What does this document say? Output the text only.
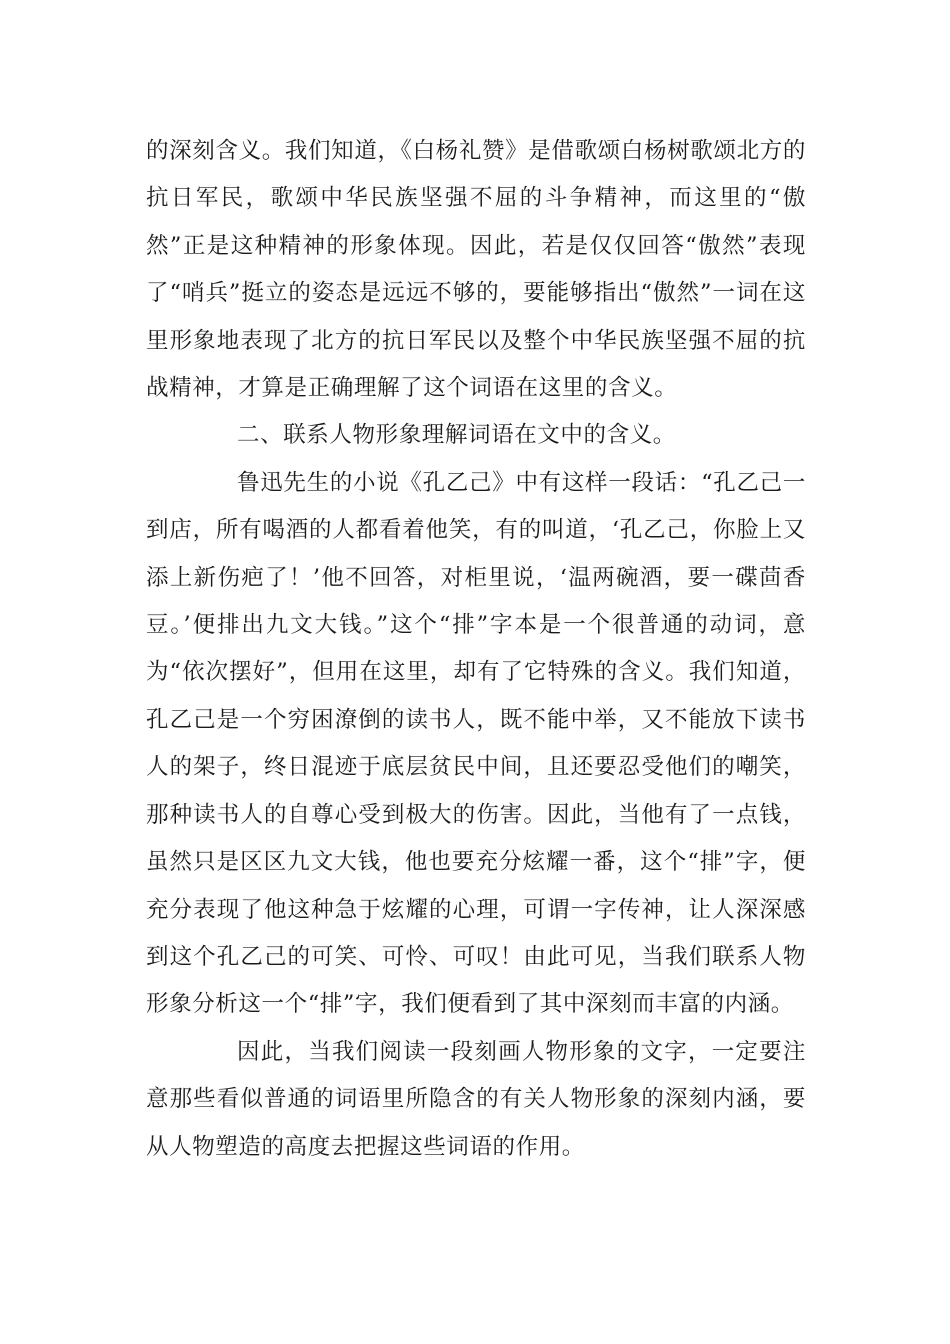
的深刻含义。我们知道，《白杨礼赞》是借歌颂白杨树歌颂北方的抗日军民，歌颂中华民族坚强不屈的斗争精神，而这里的“傲然”正是这种精神的形象体现。因此，若是仅仅回答“傲然”表现了“哨兵”挺立的姿态是远远不够的，要能够指出“傲然”一词在这里形象地表现了北方的抗日军民以及整个中华民族坚强不屈的抗战精神，才算是正确理解了这个词语在这里的含义。

二、联系人物形象理解词语在文中的含义。

鲁迅先生的小说《孔乙己》中有这样一段话：“孔乙己一到店，所有喝酒的人都看着他笑，有的叫道，‘孔乙己，你脸上又添上新伤疤了！’他不回答，对柜里说，‘温两碗酒，要一碟茴香豆。’便排出九文大钱。”这个“排”字本是一个很普通的动词，意为“依次摆好”，但用在这里，却有了它特殊的含义。我们知道，孔乙己是一个穷困潦倒的读书人，既不能中举，又不能放下读书人的架子，终日混迹于底层贫民中间，且还要忍受他们的嘲笑，那种读书人的自尊心受到极大的伤害。因此，当他有了一点钱，虽然只是区区九文大钱，他也要充分炫耀一番，这个“排”字，便充分表现了他这种急于炫耀的心理，可谓一字传神，让人深深感到这个孔乙己的可笑、可怜、可叹！由此可见，当我们联系人物形象分析这一个“排”字，我们便看到了其中深刻而丰富的内涵。

因此，当我们阅读一段刻画人物形象的文字，一定要注意那些看似普通的词语里所隐含的有关人物形象的深刻内涵，要从人物塑造的高度去把握这些词语的作用。
